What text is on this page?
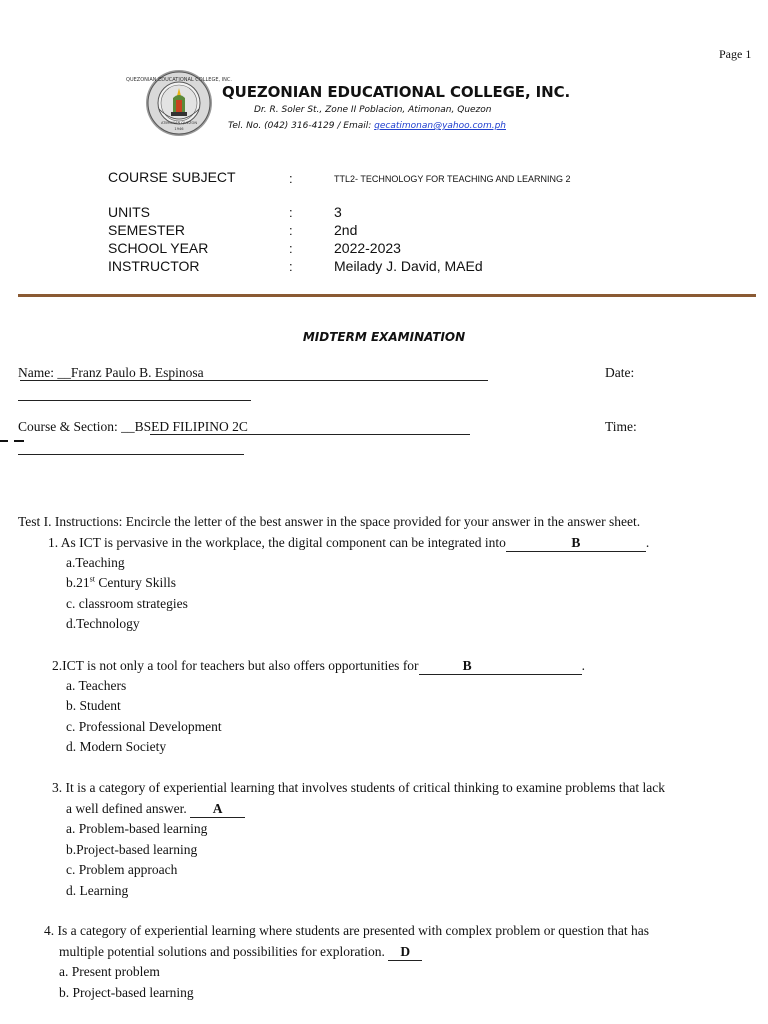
Page 1
QUEZONIAN EDUCATIONAL COLLEGE, INC.
ATIMONAN QUEZON
1946
QUEZONIAN EDUCATIONAL COLLEGE, INC.
Dr. R. Soler St., Zone II Poblacion, Atimonan, Quezon
Tel. No. (042) 316-4129 / Email: qecatimonan@yahoo.com.ph
COURSE SUBJECT	:	TTL2- TECHNOLOGY FOR TEACHING AND LEARNING 2
UNITS	:	3
SEMESTER	:	2nd
SCHOOL YEAR	:	2022-2023
INSTRUCTOR	:	Meilady J. David, MAEd
MIDTERM EXAMINATION
Name: __Franz Paulo B. Espinosa	Date:
Course & Section: __BSED FILIPINO 2C	Time:
Test I. Instructions: Encircle the letter of the best answer in the space provided for your answer in the answer sheet.
1. As ICT is pervasive in the workplace, the digital component can be integrated into	B	.
a.Teaching
b.21st Century Skills
c. classroom strategies
d.Technology
2.ICT is not only a tool for teachers but also offers opportunities for	B	.
a. Teachers
b. Student
c. Professional Development
d. Modern Society
3. It is a category of experiential learning that involves students of critical thinking to examine problems that lack
a well defined answer. A
a. Problem-based learning
b.Project-based learning
c. Problem approach
d. Learning
4. Is a category of experiential learning where students are presented with complex problem or question that has
multiple potential solutions and possibilities for exploration. D
a. Present problem
b. Project-based learning
